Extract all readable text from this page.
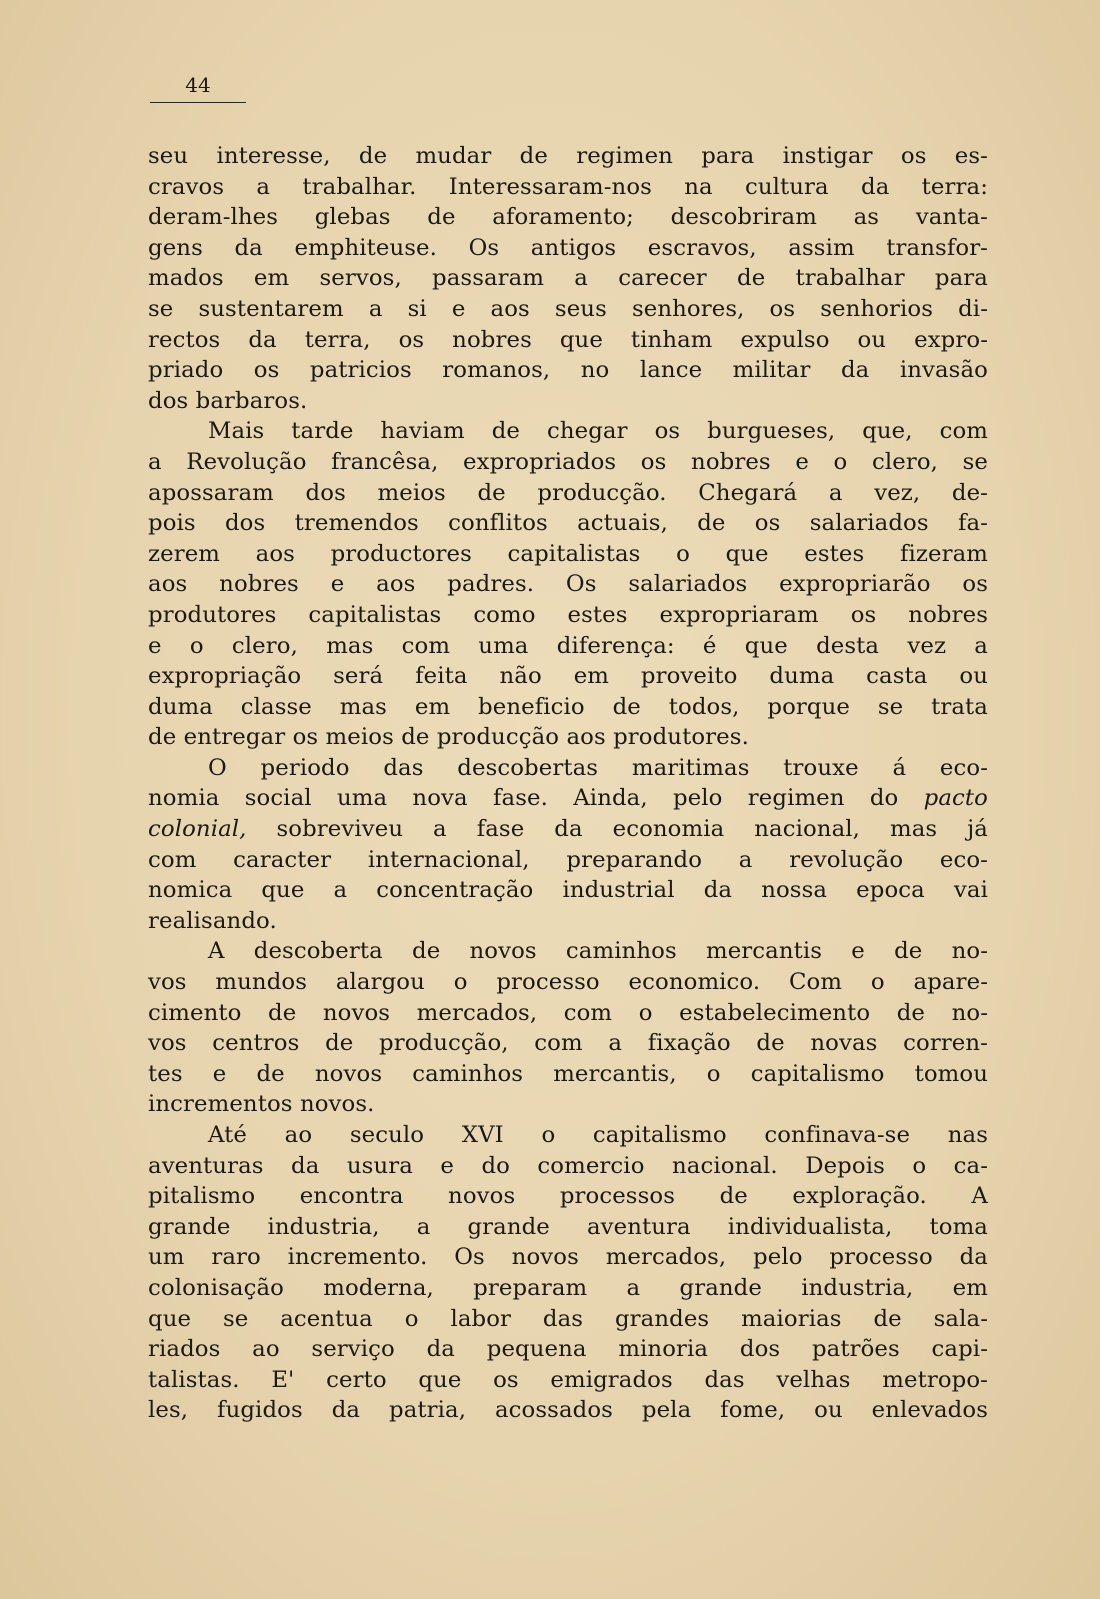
44
seu interesse, de mudar de regimen para instigar os es-
cravos a trabalhar. Interessaram-nos na cultura da terra:
deram-lhes glebas de aforamento; descobriram as vanta-
gens da emphiteuse. Os antigos escravos, assim transfor-
mados em servos, passaram a carecer de trabalhar para
se sustentarem a si e aos seus senhores, os senhorios di-
rectos da terra, os nobres que tinham expulso ou expro-
priado os patricios romanos, no lance militar da invasão
dos barbaros.
Mais tarde haviam de chegar os burgueses, que, com
a Revolução francêsa, expropriados os nobres e o clero, se
apossaram dos meios de producção. Chegará a vez, de-
pois dos tremendos conflitos actuais, de os salariados fa-
zerem aos productores capitalistas o que estes fizeram
aos nobres e aos padres. Os salariados expropriarão os
produtores capitalistas como estes expropriaram os nobres
e o clero, mas com uma diferença: é que desta vez a
expropriação será feita não em proveito duma casta ou
duma classe mas em beneficio de todos, porque se trata
de entregar os meios de producção aos produtores.
O periodo das descobertas maritimas trouxe á eco-
nomia social uma nova fase. Ainda, pelo regimen do pacto
colonial, sobreviveu a fase da economia nacional, mas já
com caracter internacional, preparando a revolução eco-
nomica que a concentração industrial da nossa epoca vai
realisando.
A descoberta de novos caminhos mercantis e de no-
vos mundos alargou o processo economico. Com o apare-
cimento de novos mercados, com o estabelecimento de no-
vos centros de producção, com a fixação de novas corren-
tes e de novos caminhos mercantis, o capitalismo tomou
incrementos novos.
Até ao seculo XVI o capitalismo confinava-se nas
aventuras da usura e do comercio nacional. Depois o ca-
pitalismo encontra novos processos de exploração. A
grande industria, a grande aventura individualista, toma
um raro incremento. Os novos mercados, pelo processo da
colonisação moderna, preparam a grande industria, em
que se acentua o labor das grandes maiorias de sala-
riados ao serviço da pequena minoria dos patrões capi-
talistas. E' certo que os emigrados das velhas metropo-
les, fugidos da patria, acossados pela fome, ou enlevados
